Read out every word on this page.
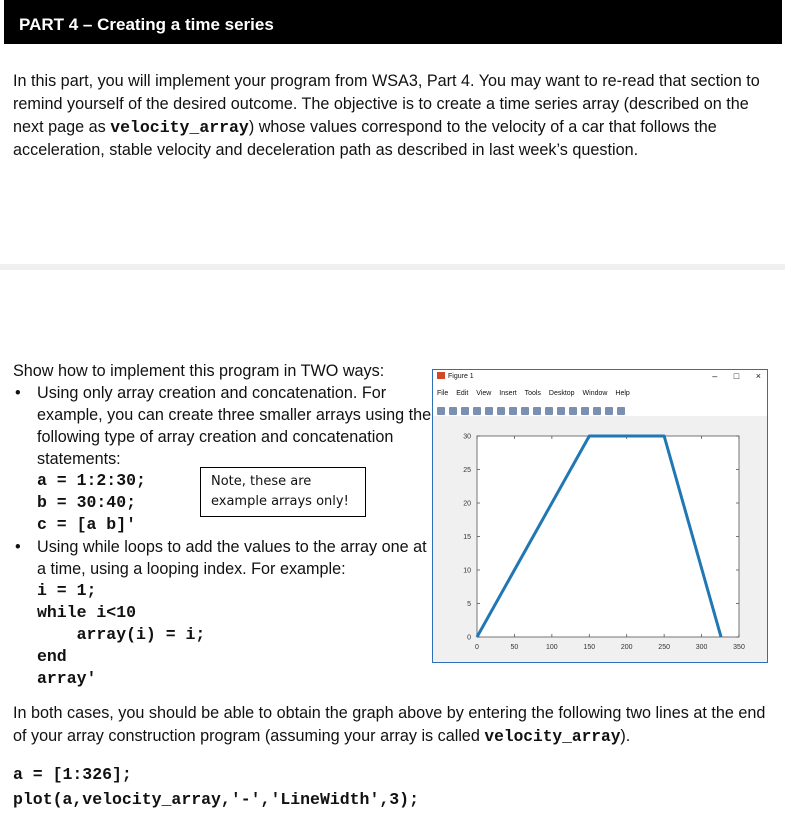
PART 4 – Creating a time series

In this part, you will implement your program from WSA3, Part 4. You may want to re-read that section to remind yourself of the desired outcome. The objective is to create a time series array (described on the next page as velocity_array) whose values correspond to the velocity of a car that follows the acceleration, stable velocity and deceleration path as described in last week’s question.

Show how to implement this program in TWO ways:

• Using only array creation and concatenation. For example, you can create three smaller arrays using the following type of array creation and concatenation statements:

a = 1:2:30;

b = 30:40;

c = [a b]'

• Using while loops to add the values to the array one at a time, using a looping index. For example:

i = 1;

while i<10

array(i) = i;

end

array'

Note, these are example arrays only!
Figure 1	– □ ×
File Edit View Insert Tools Desktop Window Help
0	50	100	150	200	250	300	350
0
5
10
15
20
25
30

In both cases, you should be able to obtain the graph above by entering the following two lines at the end of your array construction program (assuming your array is called velocity_array).

a = [1:326];

plot(a,velocity_array,'-','LineWidth',3);
